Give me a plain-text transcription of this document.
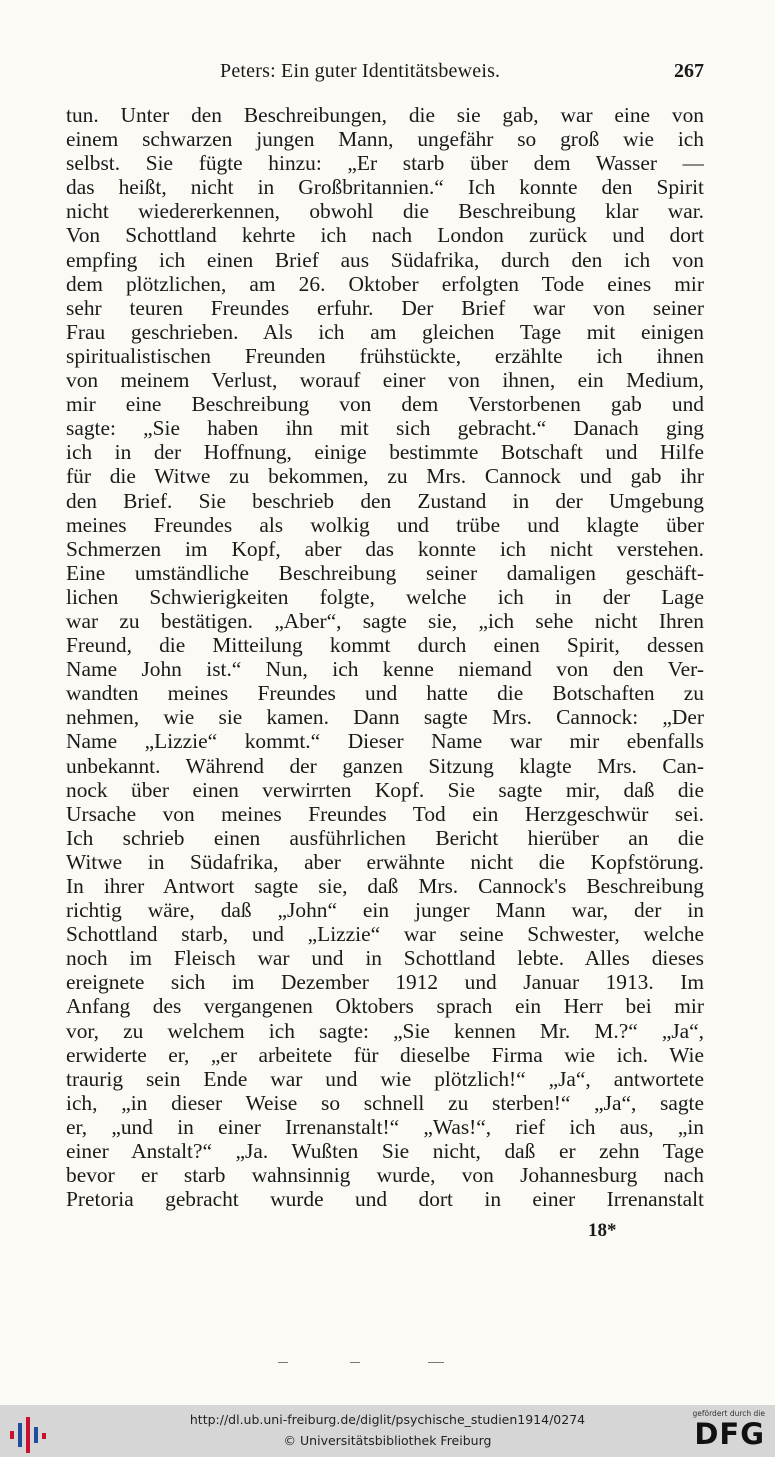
Peters: Ein guter Identitätsbeweis.	267
tun. Unter den Beschreibungen, die sie gab, war eine von
einem schwarzen jungen Mann, ungefähr so groß wie ich
selbst. Sie fügte hinzu: „Er starb über dem Wasser —
das heißt, nicht in Großbritannien.“ Ich konnte den Spirit
nicht wiedererkennen, obwohl die Beschreibung klar war.
Von Schottland kehrte ich nach London zurück und dort
empfing ich einen Brief aus Südafrika, durch den ich von
dem plötzlichen, am 26. Oktober erfolgten Tode eines mir
sehr teuren Freundes erfuhr. Der Brief war von seiner
Frau geschrieben. Als ich am gleichen Tage mit einigen
spiritualistischen Freunden frühstückte, erzählte ich ihnen
von meinem Verlust, worauf einer von ihnen, ein Medium,
mir eine Beschreibung von dem Verstorbenen gab und
sagte: „Sie haben ihn mit sich gebracht.“ Danach ging
ich in der Hoffnung, einige bestimmte Botschaft und Hilfe
für die Witwe zu bekommen, zu Mrs. Cannock und gab ihr
den Brief. Sie beschrieb den Zustand in der Umgebung
meines Freundes als wolkig und trübe und klagte über
Schmerzen im Kopf, aber das konnte ich nicht verstehen.
Eine umständliche Beschreibung seiner damaligen geschäft-
lichen Schwierigkeiten folgte, welche ich in der Lage
war zu bestätigen. „Aber“, sagte sie, „ich sehe nicht Ihren
Freund, die Mitteilung kommt durch einen Spirit, dessen
Name John ist.“ Nun, ich kenne niemand von den Ver-
wandten meines Freundes und hatte die Botschaften zu
nehmen, wie sie kamen. Dann sagte Mrs. Cannock: „Der
Name „Lizzie“ kommt.“ Dieser Name war mir ebenfalls
unbekannt. Während der ganzen Sitzung klagte Mrs. Can-
nock über einen verwirrten Kopf. Sie sagte mir, daß die
Ursache von meines Freundes Tod ein Herzgeschwür sei.
Ich schrieb einen ausführlichen Bericht hierüber an die
Witwe in Südafrika, aber erwähnte nicht die Kopfstörung.
In ihrer Antwort sagte sie, daß Mrs. Cannock's Beschreibung
richtig wäre, daß „John“ ein junger Mann war, der in
Schottland starb, und „Lizzie“ war seine Schwester, welche
noch im Fleisch war und in Schottland lebte. Alles dieses
ereignete sich im Dezember 1912 und Januar 1913. Im
Anfang des vergangenen Oktobers sprach ein Herr bei mir
vor, zu welchem ich sagte: „Sie kennen Mr. M.?“ „Ja“,
erwiderte er, „er arbeitete für dieselbe Firma wie ich. Wie
traurig sein Ende war und wie plötzlich!“ „Ja“, antwortete
ich, „in dieser Weise so schnell zu sterben!“ „Ja“, sagte
er, „und in einer Irrenanstalt!“ „Was!“, rief ich aus, „in
einer Anstalt?“ „Ja. Wußten Sie nicht, daß er zehn Tage
bevor er starb wahnsinnig wurde, von Johannesburg nach
Pretoria gebracht wurde und dort in einer Irrenanstalt
18*
http://dl.ub.uni-freiburg.de/diglit/psychische_studien1914/0274
© Universitätsbibliothek Freiburg
gefördert durch die
DFG
